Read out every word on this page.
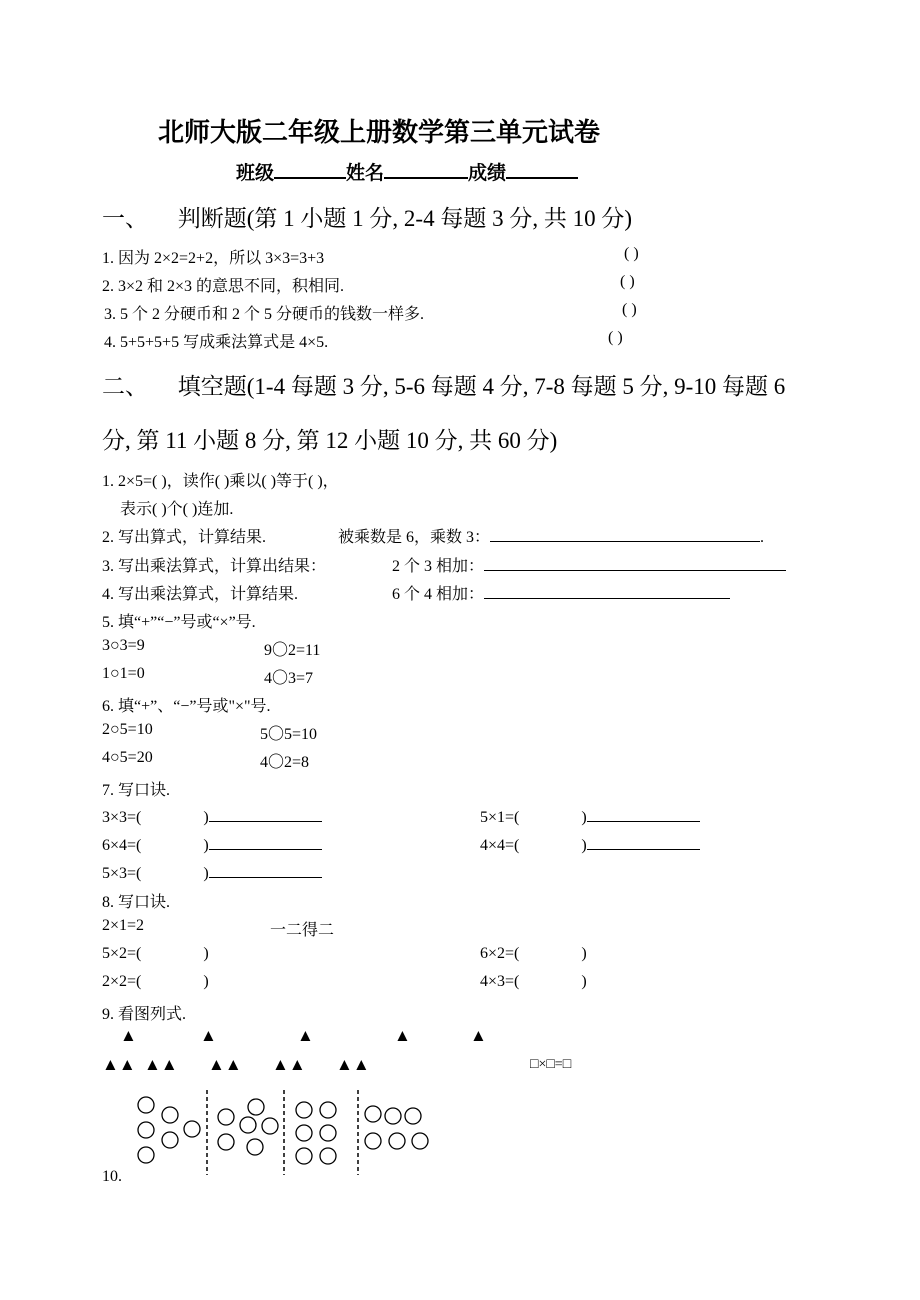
北师大版二年级上册数学第三单元试卷
班级	姓名	成绩
一、 判断题(第 1 小题 1 分, 2-4 每题 3 分, 共 10 分)
1. 因为 2×2=2+2，所以 3×3=3+3	( )
2. 3×2 和 2×3 的意思不同，积相同.	( )
3. 5 个 2 分硬币和 2 个 5 分硬币的钱数一样多.	( )
4. 5+5+5+5 写成乘法算式是 4×5.	( )
二、 填空题(1-4 每题 3 分, 5-6 每题 4 分, 7-8 每题 5 分, 9-10 每题 6
分, 第 11 小题 8 分, 第 12 小题 10 分, 共 60 分)
1. 2×5=( )，读作( )乘以( )等于( )，
表示( )个( )连加.
2. 写出算式，计算结果.	被乘数是 6，乘数 3：	.
3. 写出乘法算式，计算出结果：	2 个 3 相加：
4. 写出乘法算式，计算结果.	6 个 4 相加：
5. 填“+”“−”号或“×”号.
3○3=9	9〇2=11
1○1=0	4〇3=7
6. 填“+”、“−”号或"×"号.
2○5=10	5〇5=10
4○5=20	4〇2=8
7. 写口诀.
3×3=(	)	5×1=(	)
6×4=(	)	4×4=(	)
5×3=(	)
8. 写口诀.
2×1=2	一二得二
5×2=(	)	6×2=(	)
2×2=(	)	4×3=(	)
9. 看图列式.
▲	▲	▲	▲	▲
▲▲ ▲▲ ▲▲ ▲▲ ▲▲	□×□=□
10.
